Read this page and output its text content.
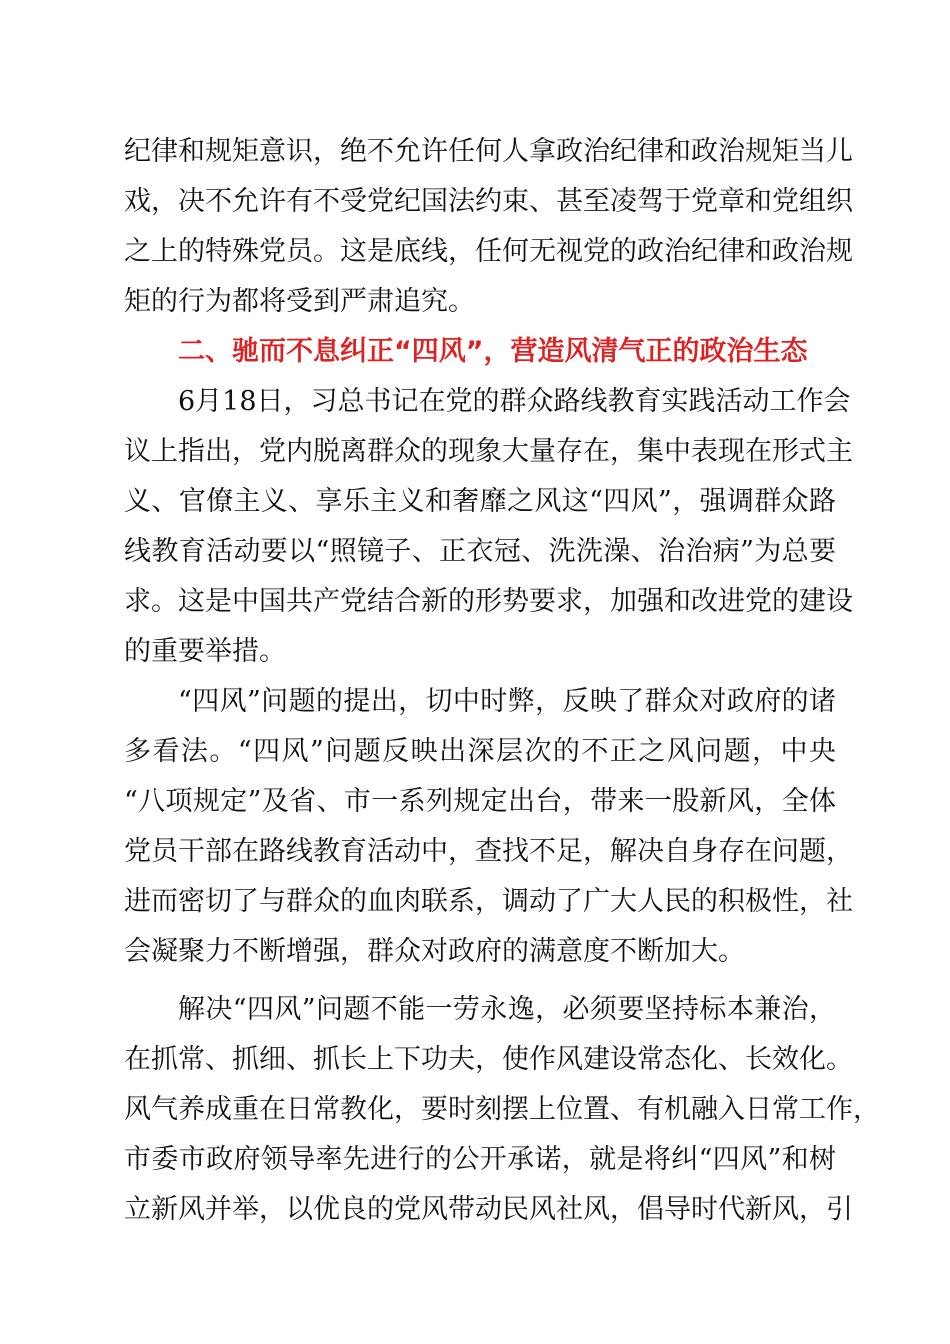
纪律和规矩意识，绝不允许任何人拿政治纪律和政治规矩当儿
戏，决不允许有不受党纪国法约束、甚至凌驾于党章和党组织
之上的特殊党员。这是底线，任何无视党的政治纪律和政治规
矩的行为都将受到严肃追究。
二、驰而不息纠正“四风”，营造风清气正的政治生态
6月18日，习总书记在党的群众路线教育实践活动工作会
议上指出，党内脱离群众的现象大量存在，集中表现在形式主
义、官僚主义、享乐主义和奢靡之风这“四风”，强调群众路
线教育活动要以“照镜子、正衣冠、洗洗澡、治治病”为总要
求。这是中国共产党结合新的形势要求，加强和改进党的建设
的重要举措。
“四风”问题的提出，切中时弊，反映了群众对政府的诸
多看法。“四风”问题反映出深层次的不正之风问题，中央
“八项规定”及省、市一系列规定出台，带来一股新风，全体
党员干部在路线教育活动中，查找不足，解决自身存在问题，
进而密切了与群众的血肉联系，调动了广大人民的积极性，社
会凝聚力不断增强，群众对政府的满意度不断加大。
解决“四风”问题不能一劳永逸，必须要坚持标本兼治，
在抓常、抓细、抓长上下功夫，使作风建设常态化、长效化。
风气养成重在日常教化，要时刻摆上位置、有机融入日常工作，
市委市政府领导率先进行的公开承诺，就是将纠“四风”和树
立新风并举，以优良的党风带动民风社风，倡导时代新风，引
